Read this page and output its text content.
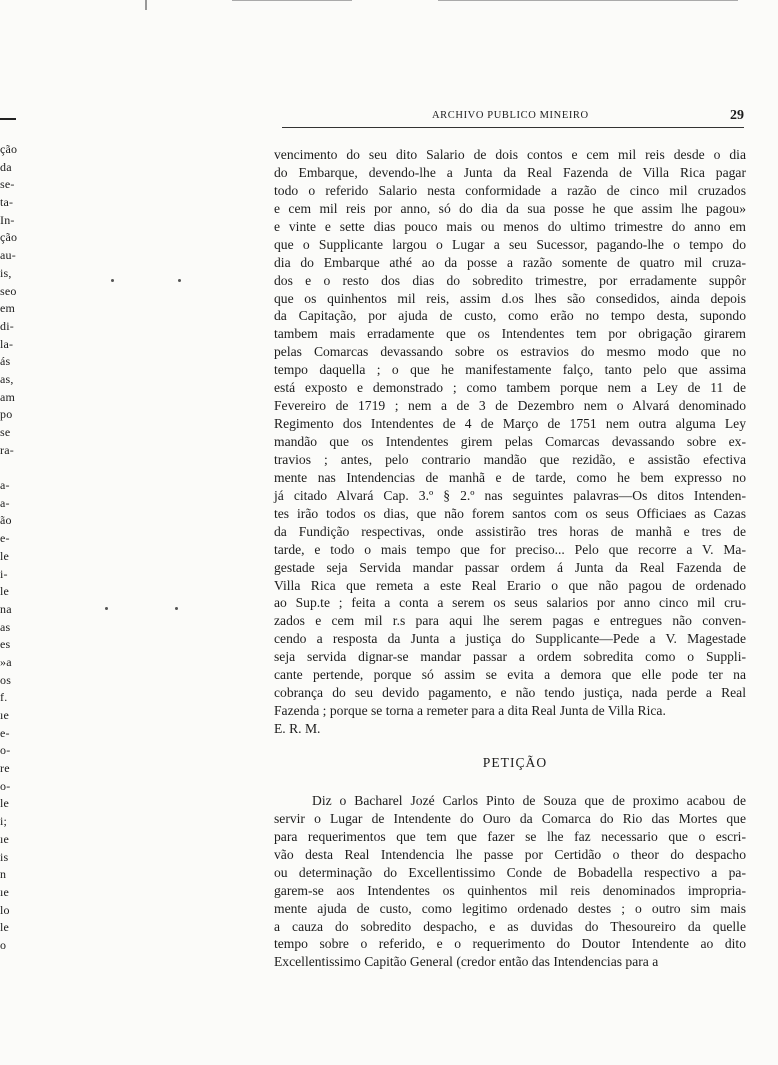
ção
da
se-
ta-
In-
ção
au-
is,
seo
em
di-
la-
ás
as,
am
po
se
ra-
a-
a-
ão
e-
le
i-
le
na
as
es
»a
os
f.
ıe
e-
o-
re
o-
le
i;
ıe
is
n
ıe
lo
le
o
ARCHIVO PUBLICO MINEIRO	29
vencimento do seu dito Salario de dois contos e cem mil reis desde o dia
do Embarque, devendo-lhe a Junta da Real Fazenda de Villa Rica pagar
todo o referido Salario nesta conformidade a razão de cinco mil cruzados
e cem mil reis por anno, só do dia da sua posse he que assim lhe pagou»
e vinte e sette dias pouco mais ou menos do ultimo trimestre do anno em
que o Supplicante largou o Lugar a seu Sucessor, pagando-lhe o tempo do
dia do Embarque athé ao da posse a razão somente de quatro mil cruza-
dos e o resto dos dias do sobredito trimestre, por erradamente suppôr
que os quinhentos mil reis, assim d.os lhes são consedidos, ainda depois
da Capitação, por ajuda de custo, como erão no tempo desta, supondo
tambem mais erradamente que os Intendentes tem por obrigação girarem
pelas Comarcas devassando sobre os estravios do mesmo modo que no
tempo daquella ; o que he manifestamente falço, tanto pelo que assima
está exposto e demonstrado ; como tambem porque nem a Ley de 11 de
Fevereiro de 1719 ; nem a de 3 de Dezembro nem o Alvará denominado
Regimento dos Intendentes de 4 de Março de 1751 nem outra alguma Ley
mandão que os Intendentes girem pelas Comarcas devassando sobre ex-
travios ; antes, pelo contrario mandão que rezidão, e assistão efectiva
mente nas Intendencias de manhã e de tarde, como he bem expresso no
já citado Alvará Cap. 3.º § 2.º nas seguintes palavras—Os ditos Intenden-
tes irão todos os dias, que não forem santos com os seus Officiaes as Cazas
da Fundição respectivas, onde assistirão tres horas de manhã e tres de
tarde, e todo o mais tempo que for preciso... Pelo que recorre a V. Ma-
gestade seja Servida mandar passar ordem á Junta da Real Fazenda de
Villa Rica que remeta a este Real Erario o que não pagou de ordenado
ao Sup.te ; feita a conta a serem os seus salarios por anno cinco mil cru-
zados e cem mil r.s para aqui lhe serem pagas e entregues não conven-
cendo a resposta da Junta a justiça do Supplicante—Pede a V. Magestade
seja servida dignar-se mandar passar a ordem sobredita como o Suppli-
cante pertende, porque só assim se evita a demora que elle pode ter na
cobrança do seu devido pagamento, e não tendo justiça, nada perde a Real
Fazenda ; porque se torna a remeter para a dita Real Junta de Villa Rica.
E. R. M.
PETIÇÃO
Diz o Bacharel Jozé Carlos Pinto de Souza que de proximo acabou de
servir o Lugar de Intendente do Ouro da Comarca do Rio das Mortes que
para requerimentos que tem que fazer se lhe faz necessario que o escri-
vão desta Real Intendencia lhe passe por Certidão o theor do despacho
ou determinação do Excellentissimo Conde de Bobadella respectivo a pa-
garem-se aos Intendentes os quinhentos mil reis denominados impropria-
mente ajuda de custo, como legitimo ordenado destes ; o outro sim mais
a cauza do sobredito despacho, e as duvidas do Thesoureiro da quelle
tempo sobre o referido, e o requerimento do Doutor Intendente ao dito
Excellentissimo Capitão General (credor então das Intendencias para a
